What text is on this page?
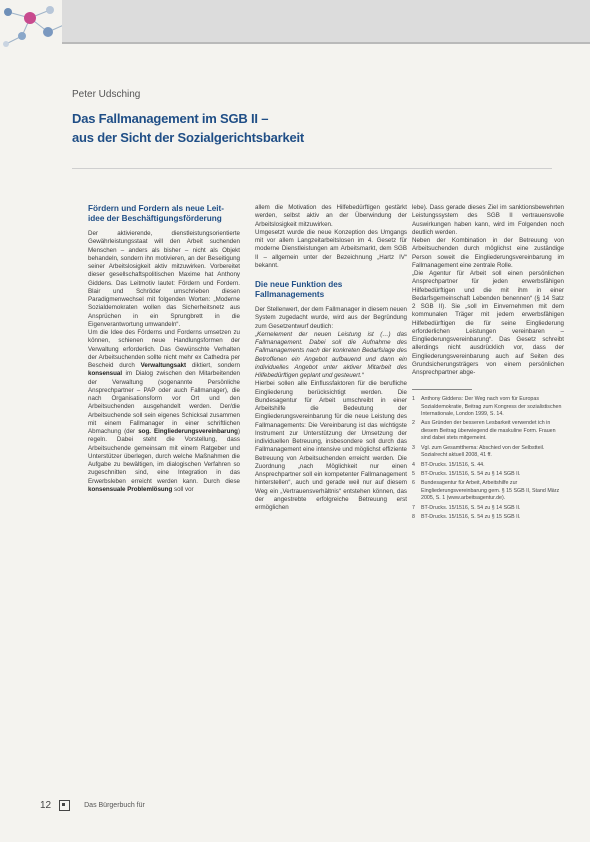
Peter Udsching
Das Fallmanagement im SGB II –
aus der Sicht der Sozialgerichtsbarkeit
Fördern und Fordern als neue Leit-idee der Beschäftigungsförderung

Der aktivierende, dienstleistungsorientierte Gewährleistungsstaat will den Arbeit suchenden Menschen – anders als bisher – nicht als Objekt behandeln, sondern ihn motivieren, an der Beseitigung seiner Arbeitslosigkeit aktiv mitzuwirken. Vorbereitet dieser gesellschaftspolitischen Maxime hat Anthony Giddens. Das Leitmotiv lautet: Fördern und Fordern. Blair und Schröder umschrieben diesen Paradigmenwechsel mit folgenden Worten: „Moderne Sozialdemokraten wollen das Sicherheitsnetz aus Ansprüchen in ein Sprungbrett in die Eigenverantwortung umwandeln“.

Um die Idee des Förderns und Forderns umsetzen zu können, schienen neue Handlungsformen der Verwaltung erforderlich. Das Gewünschte Verhalten der Arbeitsuchenden sollte nicht mehr ex Cathedra per Bescheid durch Verwaltungsakt diktiert, sondern konsensual im Dialog zwischen den Mitarbeitenden der Verwaltung (sogenannte Persönliche Ansprechpartner – PAP oder auch Fallmanager), die nach Organisationsform vor Ort und den Arbeitsuchenden ausgehandelt werden. Der/die Arbeitsuchende soll sein eigenes Schicksal zusammen mit einem Fallmanager in einer schriftlichen Abmachung (der sog. Eingliederungsvereinbarung) regeln. Dabei steht die Vorstellung, dass Arbeitsuchende gemeinsam mit einem Ratgeber und Unterstützer überlegen, durch welche Maßnahmen die Aufgabe zu bewältigen, im dialogischen Verfahren so zugeschnitten sind, eine Integration in das Erwerbsleben erreicht werden kann. Durch diese konsensuale Problemlösung soll vor

allem die Motivation des Hilfebedürftigen gestärkt werden, selbst aktiv an der Überwindung der Arbeitslosigkeit mitzuwirken.

Umgesetzt wurde die neue Konzeption des Umgangs mit vor allem Langzeitarbeitslosen im 4. Gesetz für moderne Dienstleistungen am Arbeitsmarkt, dem SGB II – allgemein unter der Bezeichnung „Hartz IV“ bekannt.

Die neue Funktion des Fallmanagements

Der Stellenwert, der dem Fallmanager in diesem neuen System zugedacht wurde, wird aus der Begründung zum Gesetzentwurf deutlich:

„Kernelement der neuen Leistung ist (…) das Fallmanagement. Dabei soll die Aufnahme des Fallmanagements nach der konkreten Bedarfslage des Betroffenen ein Angebot aufbauend und dann ein individuelles Angebot unter aktiver Mitarbeit des Hilfebedürftigen geplant und gesteuert.“

Hierbei sollen alle Einflussfaktoren für die berufliche Eingliederung berücksichtigt werden. Die Bundesagentur für Arbeit umschreibt in einer Arbeitshilfe die Bedeutung der Eingliederungsvereinbarung für die neue Leistung des Fallmanagements: Die Vereinbarung ist das wichtigste Instrument zur Unterstützung der Umsetzung der individuellen Betreuung, insbesondere soll durch das Fallmanagement eine intensive und möglichst effiziente Betreuung von Arbeitsuchenden erreicht werden. Die Zuordnung „nach Möglichkeit nur einen Ansprechpartner soll ein kompetenter Fallmanagement hinterstellen“, auch und gerade weil nur auf diesem Weg ein „Vertrauensverhältnis“ entstehen können, das der angestrebte erfolgreiche Betreuung erst ermöglichen

lebe). Dass gerade dieses Ziel im sanktionsbewehrten Leistungssystem des SGB II vertrauensvolle Auswirkungen haben kann, wird im Folgenden noch deutlich werden.

Neben der Kombination in der Betreuung von Arbeitsuchenden durch möglichst eine zuständige Person soweit die Eingliederungsvereinbarung im Fallmanagement eine zentrale Rolle.

„Die Agentur für Arbeit soll einen persönlichen Ansprechpartner für jeden erwerbsfähigen Hilfebedürftigen und die mit ihm in einer Bedarfsgemeinschaft Lebenden benennen“ (§ 14 Satz 2 SGB II). Sie „soll im Einvernehmen mit dem kommunalen Träger mit jedem erwerbsfähigen Hilfebedürftigen die für seine Eingliederung erforderlichen Leistungen vereinbaren – Eingliederungsvereinbarung“. Das Gesetz schreibt allerdings nicht ausdrücklich vor, dass der Eingliederungsvereinbarung auch auf Seiten des Grundsicherungsträgers von einem persönlichen Ansprechpartner abge-

1	Anthony Giddens: Der Weg nach vorn für Europas Sozialdemokratie, Beitrag zum Kongress der sozialistischen Internationale, London 1999, S. 14.
2	Aus Gründen der besseren Lesbarkeit verwendet ich in diesem Beitrag überwiegend die maskuline Form. Frauen sind dabei stets mitgemeint.
3	Vgl. zum Gesamtthema: Abschied von der Selbstteil. Sozialrecht aktuell 2008, 41 ff.
4	BT-Drucks. 15/1516, S. 44.
5	BT-Drucks. 15/1516, S. 54 zu § 14 SGB II.
6	Bundesagentur für Arbeit, Arbeitshilfe zur Eingliederungsvereinbarung gem. § 15 SGB II, Stand März 2005, S. 1 (www.arbeitsagentur.de).
7	BT-Drucks. 15/1516, S. 54 zu § 14 SGB II.
8	BT-Drucks. 15/1516, S. 54 zu § 15 SGB II.
12	Das Bürgerbuch für
